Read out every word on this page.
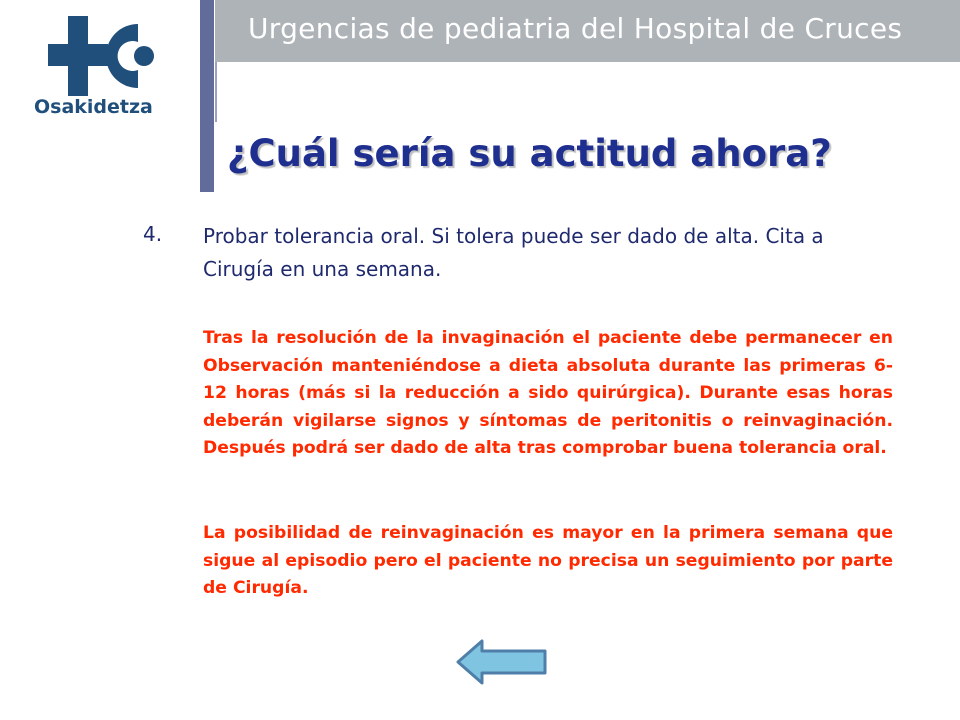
Urgencias de pediatria del Hospital de Cruces
Osakidetza
¿Cuál sería su actitud ahora?
4. Probar tolerancia oral. Si tolera puede ser dado de alta. Cita a Cirugía en una semana.

Tras la resolución de la invaginación el paciente debe permanecer en Observación manteniéndose a dieta absoluta durante las primeras 6-12 horas (más si la reducción a sido quirúrgica). Durante esas horas deberán vigilarse signos y síntomas de peritonitis o reinvaginación. Después podrá ser dado de alta tras comprobar buena tolerancia oral.

La posibilidad de reinvaginación es mayor en la primera semana que sigue al episodio pero el paciente no precisa un seguimiento por parte de Cirugía.
